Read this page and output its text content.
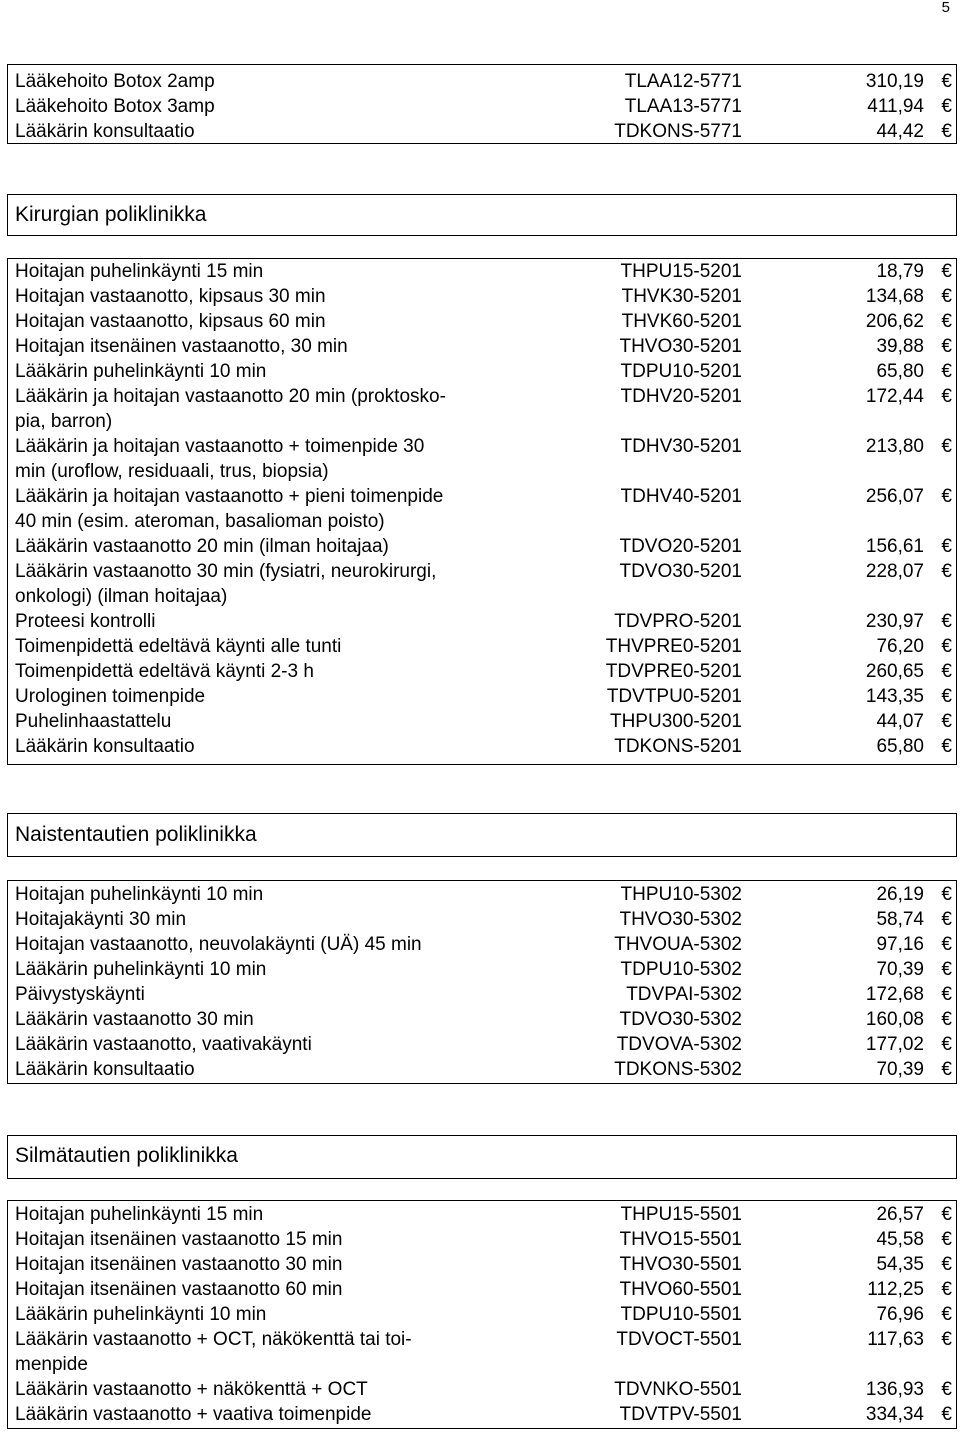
5
Lääkehoito Botox 2amp	TLAA12-5771	310,19 €
Lääkehoito Botox 3amp	TLAA13-5771	411,94 €
Lääkärin konsultaatio	TDKONS-5771	44,42 €
Kirurgian poliklinikka
Hoitajan puhelinkäynti 15 min	THPU15-5201	18,79 €
Hoitajan vastaanotto, kipsaus 30 min	THVK30-5201	134,68 €
Hoitajan vastaanotto, kipsaus 60 min	THVK60-5201	206,62 €
Hoitajan itsenäinen vastaanotto, 30 min	THVO30-5201	39,88 €
Lääkärin puhelinkäynti 10 min	TDPU10-5201	65,80 €
Lääkärin ja hoitajan vastaanotto 20 min (proktosko-
pia, barron)
TDHV20-5201	172,44 €
Lääkärin ja hoitajan vastaanotto + toimenpide 30
min (uroflow, residuaali, trus, biopsia)
TDHV30-5201	213,80 €
Lääkärin ja hoitajan vastaanotto + pieni toimenpide
40 min (esim. ateroman, basalioman poisto)
TDHV40-5201	256,07 €
Lääkärin vastaanotto 20 min (ilman hoitajaa)	TDVO20-5201	156,61 €
Lääkärin vastaanotto 30 min (fysiatri, neurokirurgi,
onkologi) (ilman hoitajaa)
TDVO30-5201	228,07 €
Proteesi kontrolli	TDVPRO-5201	230,97 €
Toimenpidettä edeltävä käynti alle tunti	THVPRE0-5201	76,20 €
Toimenpidettä edeltävä käynti 2-3 h	TDVPRE0-5201	260,65 €
Urologinen toimenpide	TDVTPU0-5201	143,35 €
Puhelinhaastattelu	THPU300-5201	44,07 €
Lääkärin konsultaatio	TDKONS-5201	65,80 €
Naistentautien poliklinikka
Hoitajan puhelinkäynti 10 min	THPU10-5302	26,19 €
Hoitajakäynti 30 min	THVO30-5302	58,74 €
Hoitajan vastaanotto, neuvolakäynti (UÄ) 45 min	THVOUA-5302	97,16 €
Lääkärin puhelinkäynti 10 min	TDPU10-5302	70,39 €
Päivystyskäynti	TDVPAI-5302	172,68 €
Lääkärin vastaanotto 30 min	TDVO30-5302	160,08 €
Lääkärin vastaanotto, vaativakäynti	TDVOVA-5302	177,02 €
Lääkärin konsultaatio	TDKONS-5302	70,39 €
Silmätautien poliklinikka
Hoitajan puhelinkäynti 15 min	THPU15-5501	26,57 €
Hoitajan itsenäinen vastaanotto 15 min	THVO15-5501	45,58 €
Hoitajan itsenäinen vastaanotto 30 min	THVO30-5501	54,35 €
Hoitajan itsenäinen vastaanotto 60 min	THVO60-5501	112,25 €
Lääkärin puhelinkäynti 10 min	TDPU10-5501	76,96 €
Lääkärin vastaanotto + OCT, näkökenttä tai toi-
menpide
TDVOCT-5501	117,63 €
Lääkärin vastaanotto + näkökenttä + OCT	TDVNKO-5501	136,93 €
Lääkärin vastaanotto + vaativa toimenpide	TDVTPV-5501	334,34 €
